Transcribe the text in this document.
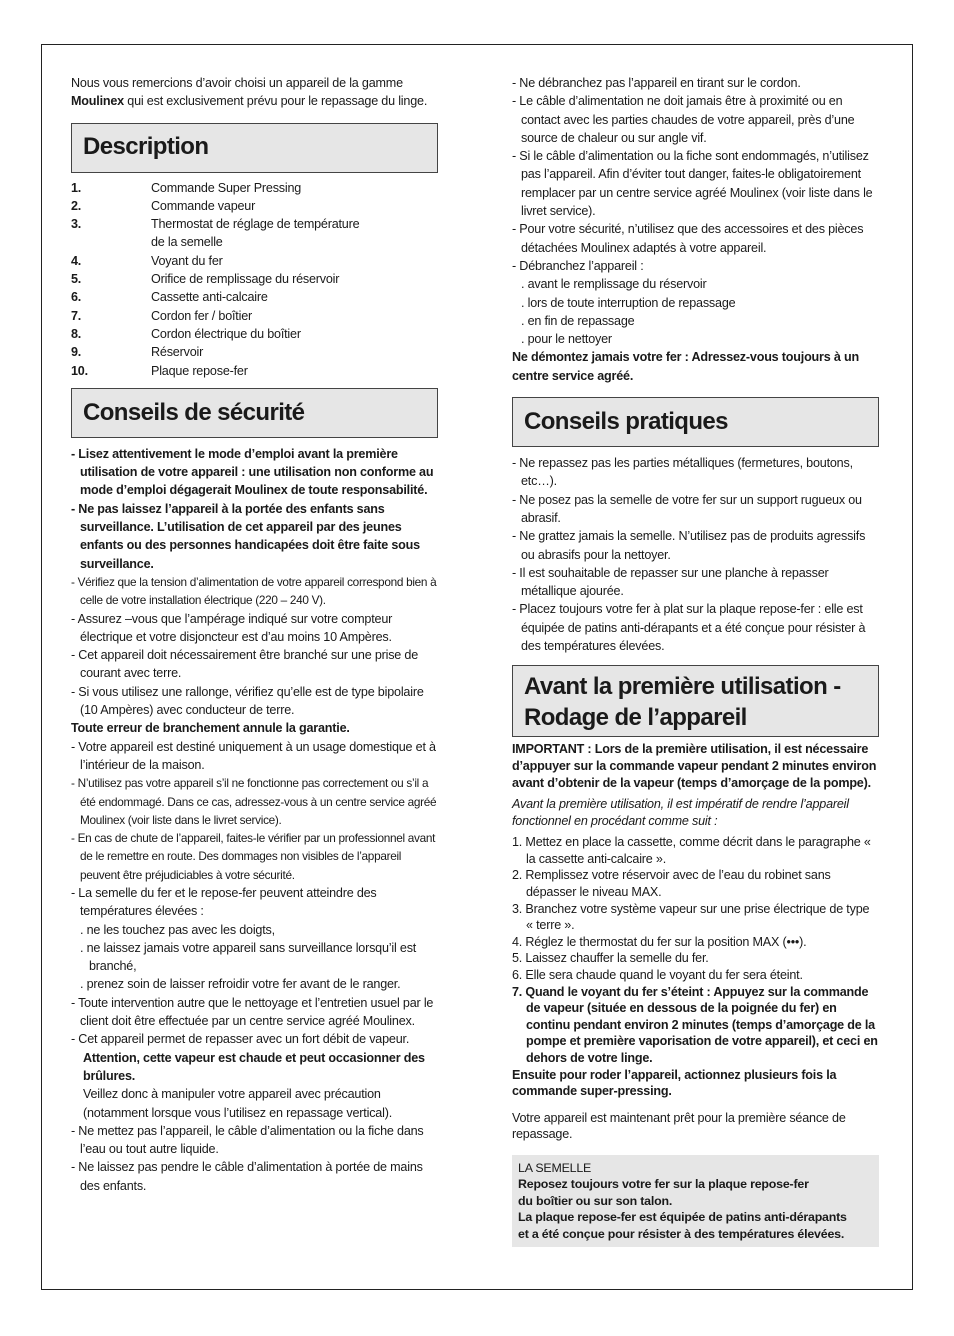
Nous vous remercions d’avoir choisi un appareil de la gamme Moulinex qui est exclusivement prévu pour le repassage du linge.

Description
1.	Commande Super Pressing
2.	Commande vapeur
3.	Thermostat de réglage de température
de la semelle
4.	Voyant du fer
5.	Orifice de remplissage du réservoir
6.	Cassette anti-calcaire
7.	Cordon fer / boîtier
8.	Cordon électrique du boîtier
9.	Réservoir
10.	Plaque repose-fer
Conseils de sécurité

- Lisez attentivement le mode d’emploi avant la première utilisation de votre appareil : une utilisation non conforme au mode d’emploi dégagerait Moulinex de toute responsabilité.

- Ne pas laissez l’appareil à la portée des enfants sans surveillance. L’utilisation de cet appareil par des jeunes enfants ou des personnes handicapées doit être faite sous surveillance.

- Vérifiez que la tension d’alimentation de votre appareil correspond bien à celle de votre installation électrique (220 – 240 V).

- Assurez –vous que l’ampérage indiqué sur votre compteur électrique et votre disjoncteur est d’au moins 10 Ampères.

- Cet appareil doit nécessairement être branché sur une prise de courant avec terre.

- Si vous utilisez une rallonge, vérifiez qu’elle est de type bipolaire (10 Ampères) avec conducteur de terre.

Toute erreur de branchement annule la garantie.

- Votre appareil est destiné uniquement à un usage domestique et à l’intérieur de la maison.

- N’utilisez pas votre appareil s’il ne fonctionne pas correctement ou s’il a été endommagé. Dans ce cas, adressez-vous à un centre service agréé Moulinex (voir liste dans le livret service).

- En cas de chute de l’appareil, faites-le vérifier par un professionnel avant de le remettre en route. Des dommages non visibles de l’appareil peuvent être préjudiciables à votre sécurité.

- La semelle du fer et le repose-fer peuvent atteindre des températures élevées :

. ne les touchez pas avec les doigts,

. ne laissez jamais votre appareil sans surveillance lorsqu’il est branché,

. prenez soin de laisser refroidir votre fer avant de le ranger.

- Toute intervention autre que le nettoyage et l’entretien usuel par le client doit être effectuée par un centre service agréé Moulinex.

- Cet appareil permet de repasser avec un fort débit de vapeur.

Attention, cette vapeur est chaude et peut occasionner des brûlures.

Veillez donc à manipuler votre appareil avec précaution (notamment lorsque vous l’utilisez en repassage vertical).

- Ne mettez pas l’appareil, le câble d’alimentation ou la fiche dans l’eau ou tout autre liquide.

- Ne laissez pas pendre le câble d’alimentation à portée de mains des enfants.

- Ne débranchez pas l’appareil en tirant sur le cordon.

- Le câble d’alimentation ne doit jamais être à proximité ou en contact avec les parties chaudes de votre appareil, près d’une source de chaleur ou sur angle vif.

- Si le câble d’alimentation ou la fiche sont endommagés, n’utilisez pas l’appareil. Afin d’éviter tout danger, faites-le obligatoirement remplacer par un centre service agréé Moulinex (voir liste dans le livret service).

- Pour votre sécurité, n’utilisez que des accessoires et des pièces détachées Moulinex adaptés à votre appareil.

- Débranchez l’appareil :

. avant le remplissage du réservoir

. lors de toute interruption de repassage

. en fin de repassage

. pour le nettoyer

Ne démontez jamais votre fer : Adressez-vous toujours à un centre service agréé.

Conseils pratiques

- Ne repassez pas les parties métalliques (fermetures, boutons, etc…).

- Ne posez pas la semelle de votre fer sur un support rugueux ou abrasif.

- Ne grattez jamais la semelle. N’utilisez pas de produits agressifs ou abrasifs pour la nettoyer.

- Il est souhaitable de repasser sur une planche à repasser métallique ajourée.

- Placez toujours votre fer à plat sur la plaque repose-fer : elle est équipée de patins anti-dérapants et a été conçue pour résister à des températures élevées.

Avant la première utilisation -
Rodage de l’appareil

IMPORTANT : Lors de la première utilisation, il est nécessaire d’appuyer sur la commande vapeur pendant 2 minutes environ avant d’obtenir de la vapeur (temps d’amorçage de la pompe).

Avant la première utilisation, il est impératif de rendre l’appareil fonctionnel en procédant comme suit :

1. Mettez en place la cassette, comme décrit dans le paragraphe « la cassette anti-calcaire ».

2. Remplissez votre réservoir avec de l’eau du robinet sans dépasser le niveau MAX.

3. Branchez votre système vapeur sur une prise électrique de type « terre ».

4. Réglez le thermostat du fer sur la position MAX (•••).

5. Laissez chauffer la semelle du fer.

6. Elle sera chaude quand le voyant du fer sera éteint.

7. Quand le voyant du fer s’éteint : Appuyez sur la commande de vapeur (située en dessous de la poignée du fer) en continu pendant environ 2 minutes (temps d’amorçage de la pompe et première vaporisation de votre appareil), et ceci en dehors de votre linge.

Ensuite pour roder l’appareil, actionnez plusieurs fois la commande super-pressing.

Votre appareil est maintenant prêt pour la première séance de repassage.

LA SEMELLE
Reposez toujours votre fer sur la plaque repose-fer
du boîtier ou sur son talon.
La plaque repose-fer est équipée de patins anti-dérapants
et a été conçue pour résister à des températures élevées.
